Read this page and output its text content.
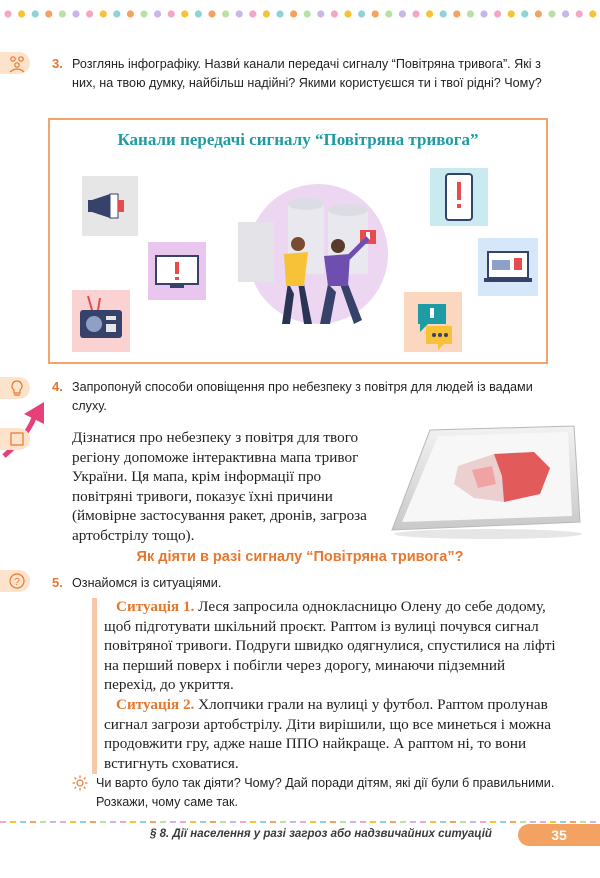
3. Розглянь інфографіку. Назви́ канали передачі сигналу “Повітряна тривога”. Які з них, на твою думку, найбільш надійні? Якими користуєшся ти і твої рідні? Чому?
Канали передачі сигналу “Повітряна тривога”
4. Запропонуй способи оповіщення про небезпеку з повітря для людей із вадами слуху.
Дізнатися про небезпеку з повітря для твого регіону допоможе інтерактивна мапа тривог України. Ця мапа, крім інформації про повітряні тривоги, показує їхні причини (ймовірне застосування ракет, дронів, загроза артобстрілу тощо).
Як діяти в разі сигналу “Повітряна тривога”?
? 5. Ознайомся із ситуаціями.
Ситуація 1. Леся запросила однокласницю Олену до себе додому, щоб підготувати шкільний проєкт. Раптом із вулиці почувся сигнал повітряної тривоги. Подруги швидко одягнулися, спустилися на ліфті на перший поверх і побігли через дорогу, минаючи підземний перехід, до укриття.
Ситуація 2. Хлопчики грали на вулиці у футбол. Раптом пролунав сигнал загрози артобстрілу. Діти вирішили, що все минеться і можна продовжити гру, адже наше ППО найкраще. А раптом ні, то вони встигнуть сховатися.
Чи варто було так діяти? Чому? Дай поради дітям, які дії були б правильними. Розкажи, чому саме так.
§ 8. Дії населення у разі загроз або надзвичайних ситуацій	35
